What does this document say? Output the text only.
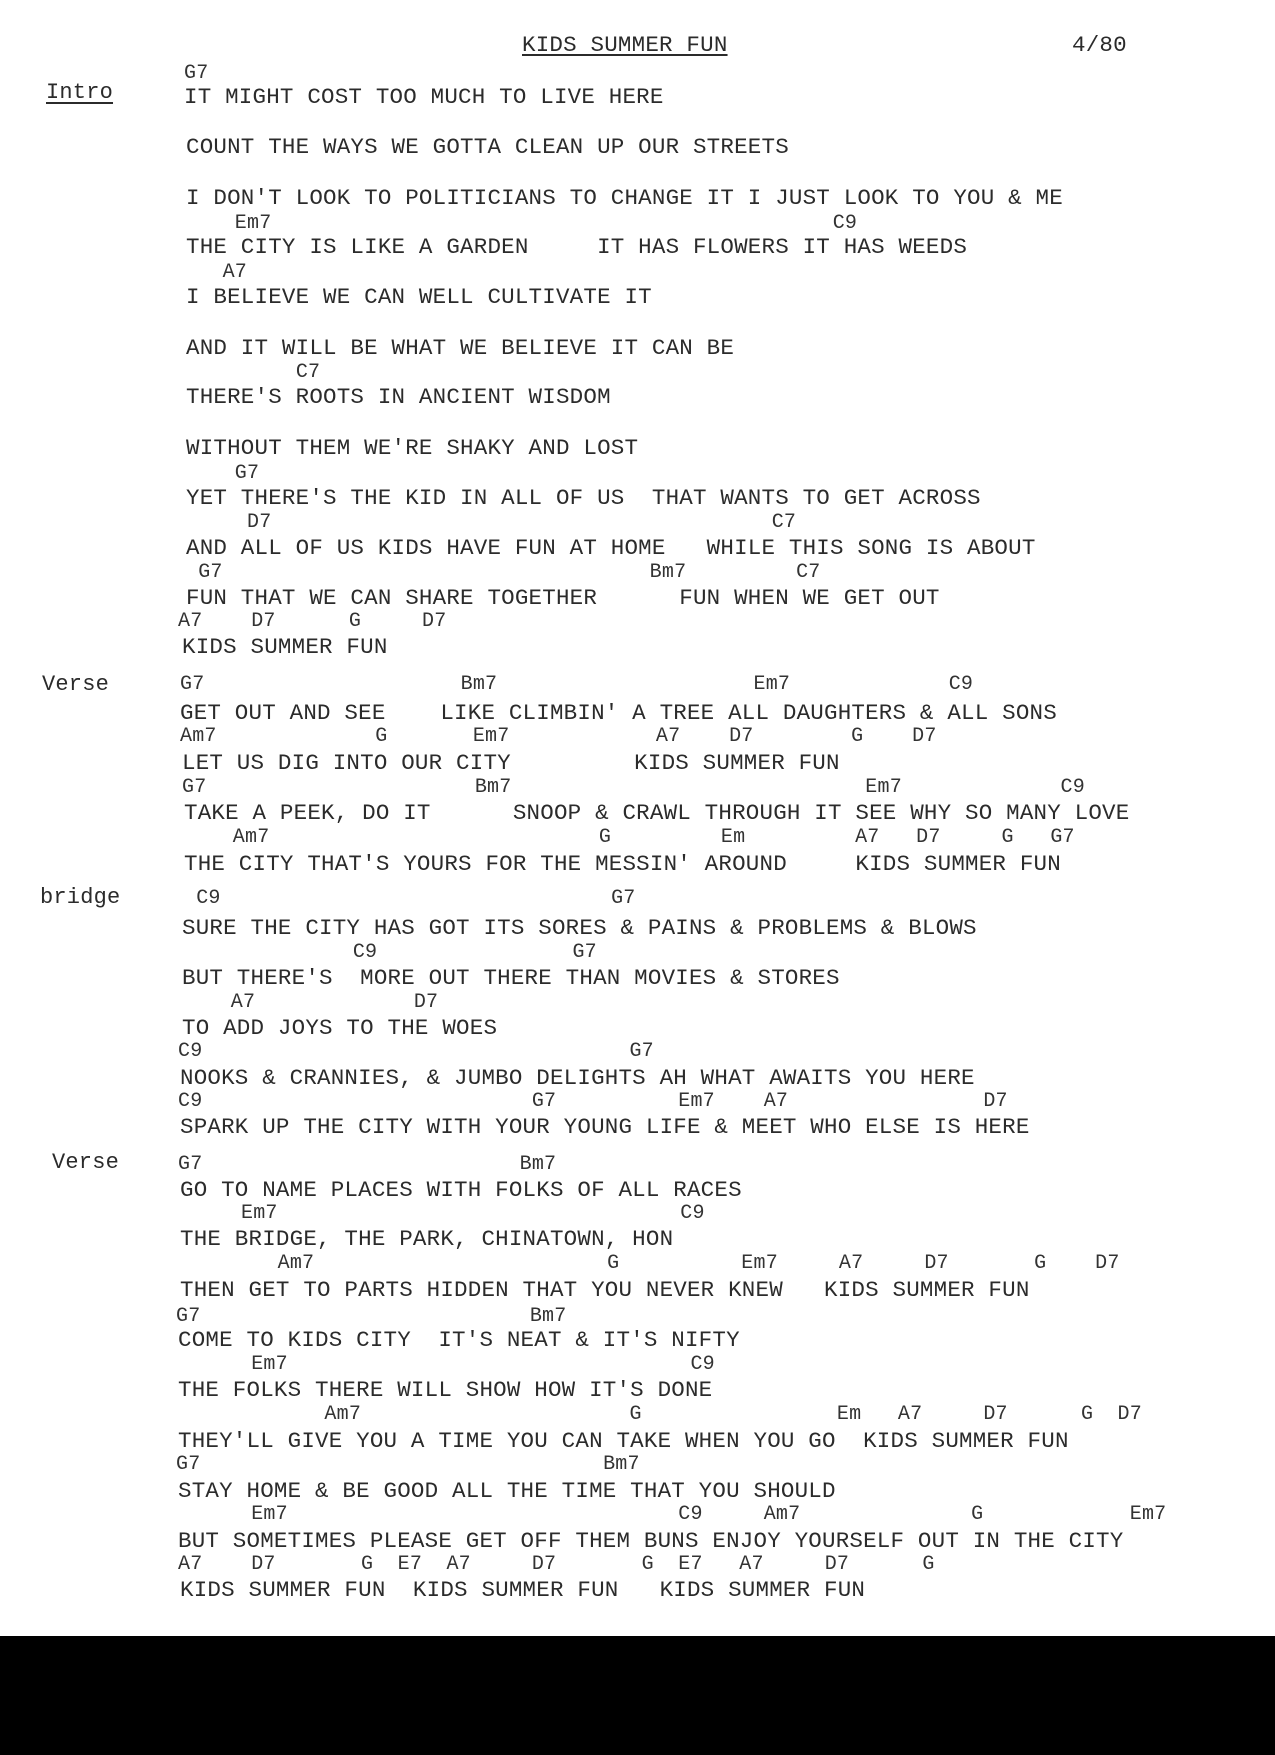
KIDS SUMMER FUN	4/80
Intro
Verse
bridge
Verse
G7
IT MIGHT COST TOO MUCH TO LIVE HERE
COUNT THE WAYS WE GOTTA CLEAN UP OUR STREETS
I DON'T LOOK TO POLITICIANS TO CHANGE IT I JUST LOOK TO YOU & ME
Em7                                              C9
THE CITY IS LIKE A GARDEN     IT HAS FLOWERS IT HAS WEEDS
A7
I BELIEVE WE CAN WELL CULTIVATE IT
AND IT WILL BE WHAT WE BELIEVE IT CAN BE
C7
THERE'S ROOTS IN ANCIENT WISDOM
WITHOUT THEM WE'RE SHAKY AND LOST
G7
YET THERE'S THE KID IN ALL OF US  THAT WANTS TO GET ACROSS
D7                                         C7
AND ALL OF US KIDS HAVE FUN AT HOME   WHILE THIS SONG IS ABOUT
G7                                   Bm7         C7
FUN THAT WE CAN SHARE TOGETHER      FUN WHEN WE GET OUT
A7    D7      G     D7
KIDS SUMMER FUN
G7                     Bm7                     Em7             C9
GET OUT AND SEE    LIKE CLIMBIN' A TREE ALL DAUGHTERS & ALL SONS
Am7             G       Em7            A7    D7        G    D7
LET US DIG INTO OUR CITY         KIDS SUMMER FUN
G7                      Bm7                             Em7             C9
TAKE A PEEK, DO IT      SNOOP & CRAWL THROUGH IT SEE WHY SO MANY LOVE
Am7                           G         Em         A7   D7     G   G7
THE CITY THAT'S YOURS FOR THE MESSIN' AROUND     KIDS SUMMER FUN
C9                                G7
SURE THE CITY HAS GOT ITS SORES & PAINS & PROBLEMS & BLOWS
C9                G7
BUT THERE'S  MORE OUT THERE THAN MOVIES & STORES
A7             D7
TO ADD JOYS TO THE WOES
C9                                   G7
NOOKS & CRANNIES, & JUMBO DELIGHTS AH WHAT AWAITS YOU HERE
C9                           G7          Em7    A7                D7
SPARK UP THE CITY WITH YOUR YOUNG LIFE & MEET WHO ELSE IS HERE
G7                          Bm7
GO TO NAME PLACES WITH FOLKS OF ALL RACES
Em7                                 C9
THE BRIDGE, THE PARK, CHINATOWN, HON
Am7                        G          Em7     A7     D7       G    D7
THEN GET TO PARTS HIDDEN THAT YOU NEVER KNEW   KIDS SUMMER FUN
G7                           Bm7
COME TO KIDS CITY  IT'S NEAT & IT'S NIFTY
Em7                                 C9
THE FOLKS THERE WILL SHOW HOW IT'S DONE
Am7                      G                Em   A7     D7      G  D7
THEY'LL GIVE YOU A TIME YOU CAN TAKE WHEN YOU GO  KIDS SUMMER FUN
G7                                 Bm7
STAY HOME & BE GOOD ALL THE TIME THAT YOU SHOULD
Em7                                C9     Am7              G            Em7
BUT SOMETIMES PLEASE GET OFF THEM BUNS ENJOY YOURSELF OUT IN THE CITY
A7    D7       G  E7  A7     D7       G  E7   A7     D7      G
KIDS SUMMER FUN  KIDS SUMMER FUN   KIDS SUMMER FUN
